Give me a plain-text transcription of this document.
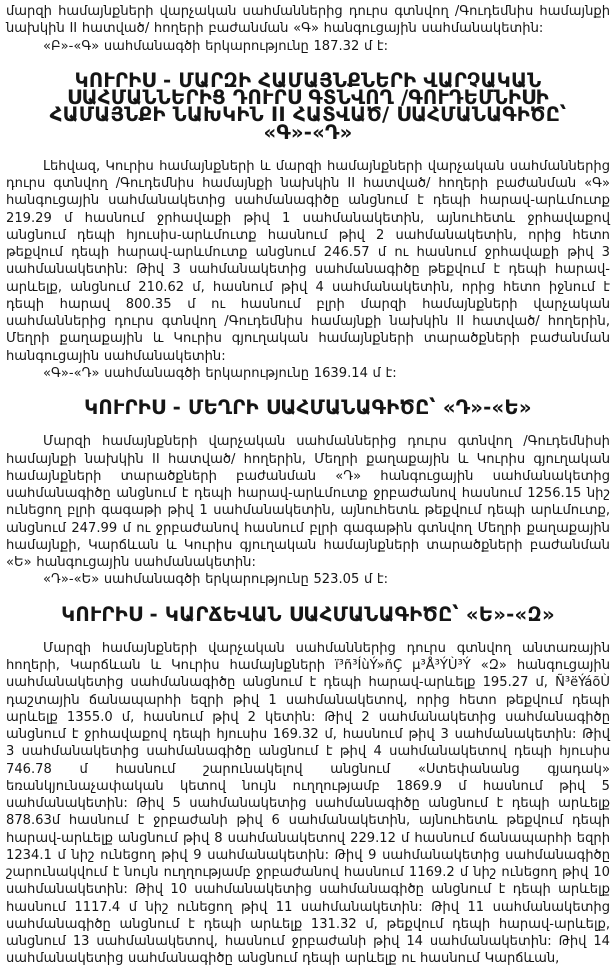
մարզի համայնքների վարչական սահմաններից դուրս գտնվող /Գուդեմնիս համայնքի նախկին II հատված/ հողերի բաժանման «Գ» հանգուցային սահմանակետին:

«Բ»-«Գ» սահմանագծի երկարությունը 187.32 մ է:

ԿՈՒՐԻՍ - ՄԱՐԶԻ ՀԱՄԱՅՆՔՆԵՐԻ ՎԱՐՉԱԿԱՆ ՍԱՀՄԱՆՆԵՐԻՑ ԴՈՒՐՍ ԳՏՆՎՈՂ /ԳՈՒԴԵՄՆԻՍԻ ՀԱՄԱՅՆՔԻ ՆԱԽԿԻՆ II ՀԱՏՎԱԾ/ ՍԱՀՄԱՆԱԳԻԾԸ՝ «Գ»-«Դ»

Լեհվազ, Կուրիս համայնքների և մարզի համայնքների վարչական սահմաններից դուրս գտնվող /Գուդեմնիս համայնքի նախկին II հատված/ հողերի բաժանման «Գ» հանգուցային սահմանակետից սահմանագիծը անցնում է դեպի հարավ-արևմուտք 219.29 մ հասնում ջրհավաքի թիվ 1 սահմանակետին, այնուհետև ջրհավաքով անցնում դեպի հյուսիս-արևմուտք հասնում թիվ 2 սահմանակետին, որից հետո թեքվում դեպի հարավ-արևմուտք անցնում 246.57 մ ու հասնում ջրհավաքի թիվ 3 սահմանակետին: Թիվ 3 սահմանակետից սահմանագիծը թեքվում է դեպի հարավ-արևելք, անցնում 210.62 մ, հասնում թիվ 4 սահմանակետին, որից հետո իջնում է դեպի հարավ 800.35 մ ու հասնում բլրի մարզի համայնքների վարչական սահմաններից դուրս գտնվող /Գուդեմնիս համայնքի նախկին II հատված/ հողերին, Մեղրի քաղաքային և Կուրիս գյուղական համայնքների տարածքների բաժանման հանգուցային սահմանակետին:

«Գ»-«Դ» սահմանագծի երկարությունը 1639.14 մ է:

ԿՈՒՐԻՍ - ՄԵՂՐԻ ՍԱՀՄԱՆԱԳԻԾԸ՝ «Դ»-«Ե»

Մարզի համայնքների վարչական սահմաններից դուրս գտնվող /Գուդեմնիսի համայնքի նախկին II հատված/ հողերին, Մեղրի քաղաքային և Կուրիս գյուղական համայնքների տարածքների բաժանման «Դ» հանգուցային սահմանակետից սահմանագիծը անցնում է դեպի հարավ-արևմուտք ջրբաժանով հասնում 1256.15 նիշ ունեցող բլրի գագաթի թիվ 1 սահմանակետին, այնուհետև թեքվում դեպի արևմուտք, անցնում 247.99 մ ու ջրբաժանով հասնում բլրի գագաթին գտնվող Մեղրի քաղաքային համայնքի, Կարճևան և Կուրիս գյուղական համայնքների տարածքների բաժանման «Ե» հանգուցային սահմանակետին:

«Դ»-«Ե» սահմանագծի երկարությունը 523.05 մ է:

ԿՈՒՐԻՍ - ԿԱՐՃԵՎԱՆ ՍԱՀՄԱՆԱԳԻԾԸ՝ «Ե»-«Զ»

Մարզի համայնքների վարչական սահմաններից դուրս գտնվող անտառային հողերի, Կարճևան և Կուրիս համայնքների ï³ñ³ÍùÝ»ñÇ µ³Å³ÝÙ³Ý «Զ» հանգուցային սահմանակետից սահմանագիծը անցնում է դեպի հարավ-արևելք 195.27 մ, Ñ³ëÝáõÙ դաշտային ճանապարհի եզրի թիվ 1 սահմանակետով, որից հետո թեքվում դեպի արևելք 1355.0 մ, հասնում թիվ 2 կետին: Թիվ 2 սահմանակետից սահմանագիծը անցնում է ջրհավաքով դեպի հյուսիս 169.32 մ, հասնում թիվ 3 սահմանակետին: Թիվ 3 սահմանակետից սահմանագիծը անցնում է թիվ 4 սահմանակետով դեպի հյուսիս 746.78 մ հասնում շարունակելով անցնում «Ստեփանանց գյադակ» եռանկյունաչափական կետով նույն ուղղությամբ 1869.9 մ հասնում թիվ 5 սահմանակետին: Թիվ 5 սահմանակետից սահմանագիծը անցնում է դեպի արևելք 878.63մ հասնում է ջրբաժանի թիվ 6 սահմանակետին, այնուհետև թեքվում դեպի հարավ-արևելք անցնում թիվ 8 սահմանակետով 229.12 մ հասնում ճանապարհի եզրի 1234.1 մ նիշ ունեցող թիվ 9 սահմանակետին: Թիվ 9 սահմանակետից սահմանագիծը շարունակվում է նույն ուղղությամբ ջրբաժանով հասնում 1169.2 մ նիշ ունեցող թիվ 10 սահմանակետին: Թիվ 10 սահմանակետից սահմանագիծը անցնում է դեպի արևելք հասնում 1117.4 մ նիշ ունեցող թիվ 11 սահմանակետին: Թիվ 11 սահմանակետից սահմանագիծը անցնում է դեպի արևելք 131.32 մ, թեքվում դեպի հարավ-արևելք, անցնում 13 սահմանակետով, հասնում ջրբաժանի թիվ 14 սահմանակետին: Թիվ 14 սահմանակետից սահմանագիծը անցնում դեպի արևելք ու հասնում Կարճևան,
